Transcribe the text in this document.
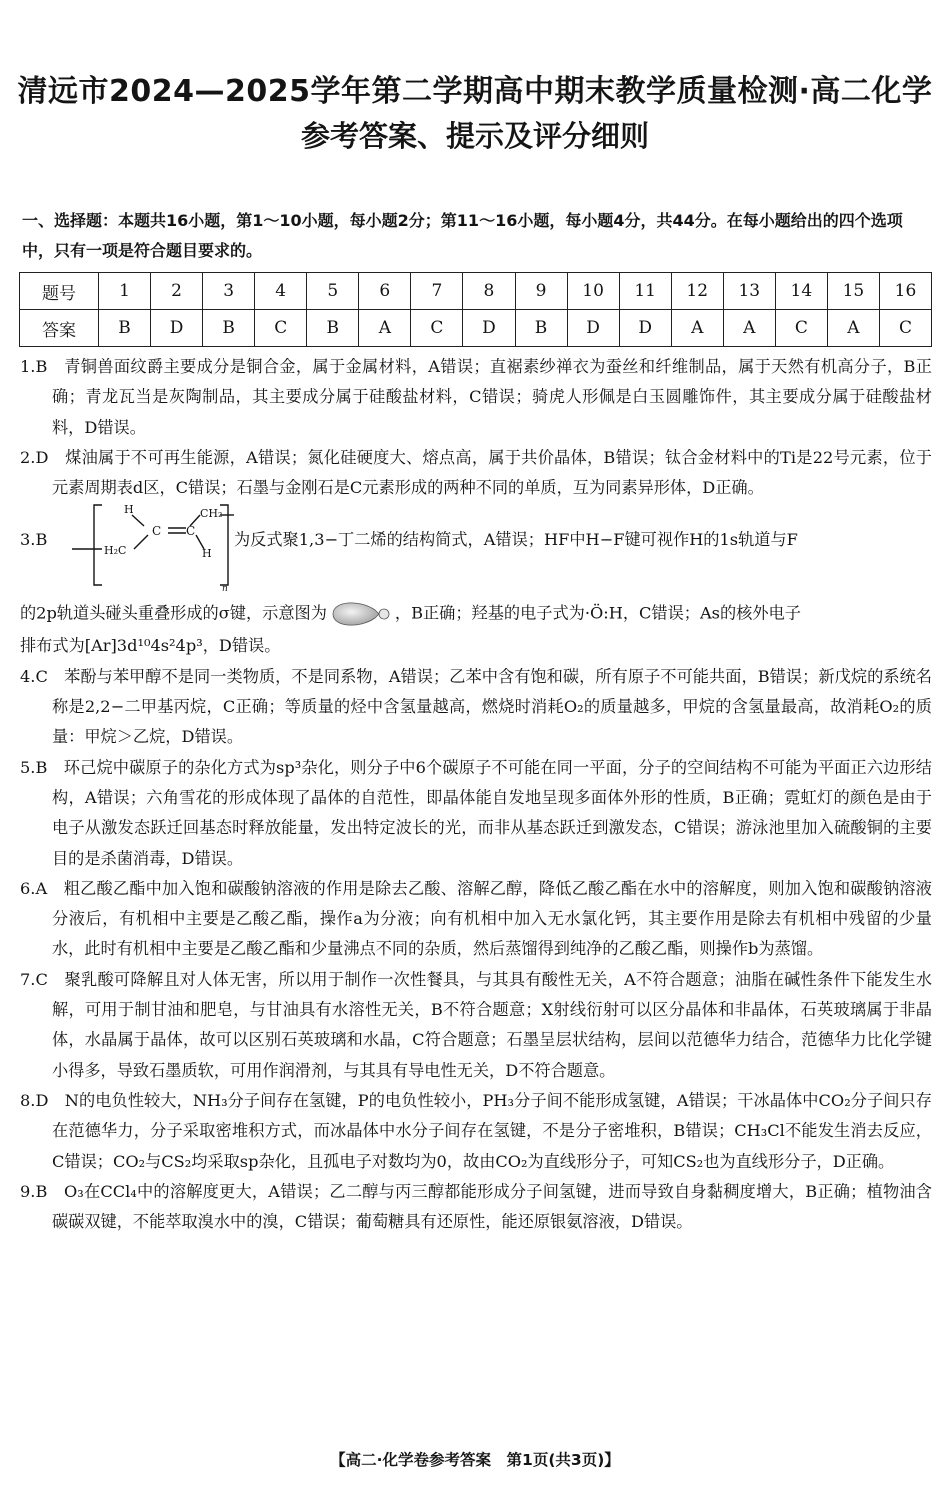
清远市2024—2025学年第二学期高中期末教学质量检测·高二化学
参考答案、提示及评分细则
一、选择题：本题共16小题，第1～10小题，每小题2分；第11～16小题，每小题4分，共44分。在每小题给出的四个选项中，只有一项是符合题目要求的。
题号	1	2	3	4	5	6	7	8	9	10	11	12	13	14	15	16
答案	B	D	B	C	B	A	C	D	B	D	D	A	A	C	A	C

1.B　青铜兽面纹爵主要成分是铜合金，属于金属材料，A错误；直裾素纱禅衣为蚕丝和纤维制品，属于天然有机高分子，B正确；青龙瓦当是灰陶制品，其主要成分属于硅酸盐材料，C错误；骑虎人形佩是白玉圆雕饰件，其主要成分属于硅酸盐材料，D错误。

2.D　煤油属于不可再生能源，A错误；氮化硅硬度大、熔点高，属于共价晶体，B错误；钛合金材料中的Ti是22号元素，位于元素周期表d区，C错误；石墨与金刚石是C元素形成的两种不同的单质，互为同素异形体，D正确。

3.B
H	CH₂
C C
H₂C	H
n
为反式聚1,3−丁二烯的结构简式，A错误；HF中H−F键可视作H的1s轨道与F

的2p轨道头碰头重叠形成的σ键，示意图为	，B正确；羟基的电子式为·Ö:H，C错误；As的核外电子

排布式为[Ar]3d¹⁰4s²4p³，D错误。

4.C　苯酚与苯甲醇不是同一类物质，不是同系物，A错误；乙苯中含有饱和碳，所有原子不可能共面，B错误；新戊烷的系统名称是2,2−二甲基丙烷，C正确；等质量的烃中含氢量越高，燃烧时消耗O₂的质量越多，甲烷的含氢量最高，故消耗O₂的质量：甲烷＞乙烷，D错误。

5.B　环己烷中碳原子的杂化方式为sp³杂化，则分子中6个碳原子不可能在同一平面，分子的空间结构不可能为平面正六边形结构，A错误；六角雪花的形成体现了晶体的自范性，即晶体能自发地呈现多面体外形的性质，B正确；霓虹灯的颜色是由于电子从激发态跃迁回基态时释放能量，发出特定波长的光，而非从基态跃迁到激发态，C错误；游泳池里加入硫酸铜的主要目的是杀菌消毒，D错误。

6.A　粗乙酸乙酯中加入饱和碳酸钠溶液的作用是除去乙酸、溶解乙醇，降低乙酸乙酯在水中的溶解度，则加入饱和碳酸钠溶液分液后，有机相中主要是乙酸乙酯，操作a为分液；向有机相中加入无水氯化钙，其主要作用是除去有机相中残留的少量水，此时有机相中主要是乙酸乙酯和少量沸点不同的杂质，然后蒸馏得到纯净的乙酸乙酯，则操作b为蒸馏。

7.C　聚乳酸可降解且对人体无害，所以用于制作一次性餐具，与其具有酸性无关，A不符合题意；油脂在碱性条件下能发生水解，可用于制甘油和肥皂，与甘油具有水溶性无关，B不符合题意；X射线衍射可以区分晶体和非晶体，石英玻璃属于非晶体，水晶属于晶体，故可以区别石英玻璃和水晶，C符合题意；石墨呈层状结构，层间以范德华力结合，范德华力比化学键小得多，导致石墨质软，可用作润滑剂，与其具有导电性无关，D不符合题意。

8.D　N的电负性较大，NH₃分子间存在氢键，P的电负性较小，PH₃分子间不能形成氢键，A错误；干冰晶体中CO₂分子间只存在范德华力，分子采取密堆积方式，而冰晶体中水分子间存在氢键，不是分子密堆积，B错误；CH₃Cl不能发生消去反应，C错误；CO₂与CS₂均采取sp杂化，且孤电子对数均为0，故由CO₂为直线形分子，可知CS₂也为直线形分子，D正确。

9.B　O₃在CCl₄中的溶解度更大，A错误；乙二醇与丙三醇都能形成分子间氢键，进而导致自身黏稠度增大，B正确；植物油含碳碳双键，不能萃取溴水中的溴，C错误；葡萄糖具有还原性，能还原银氨溶液，D错误。

【高二·化学卷参考答案　第1页(共3页)】
